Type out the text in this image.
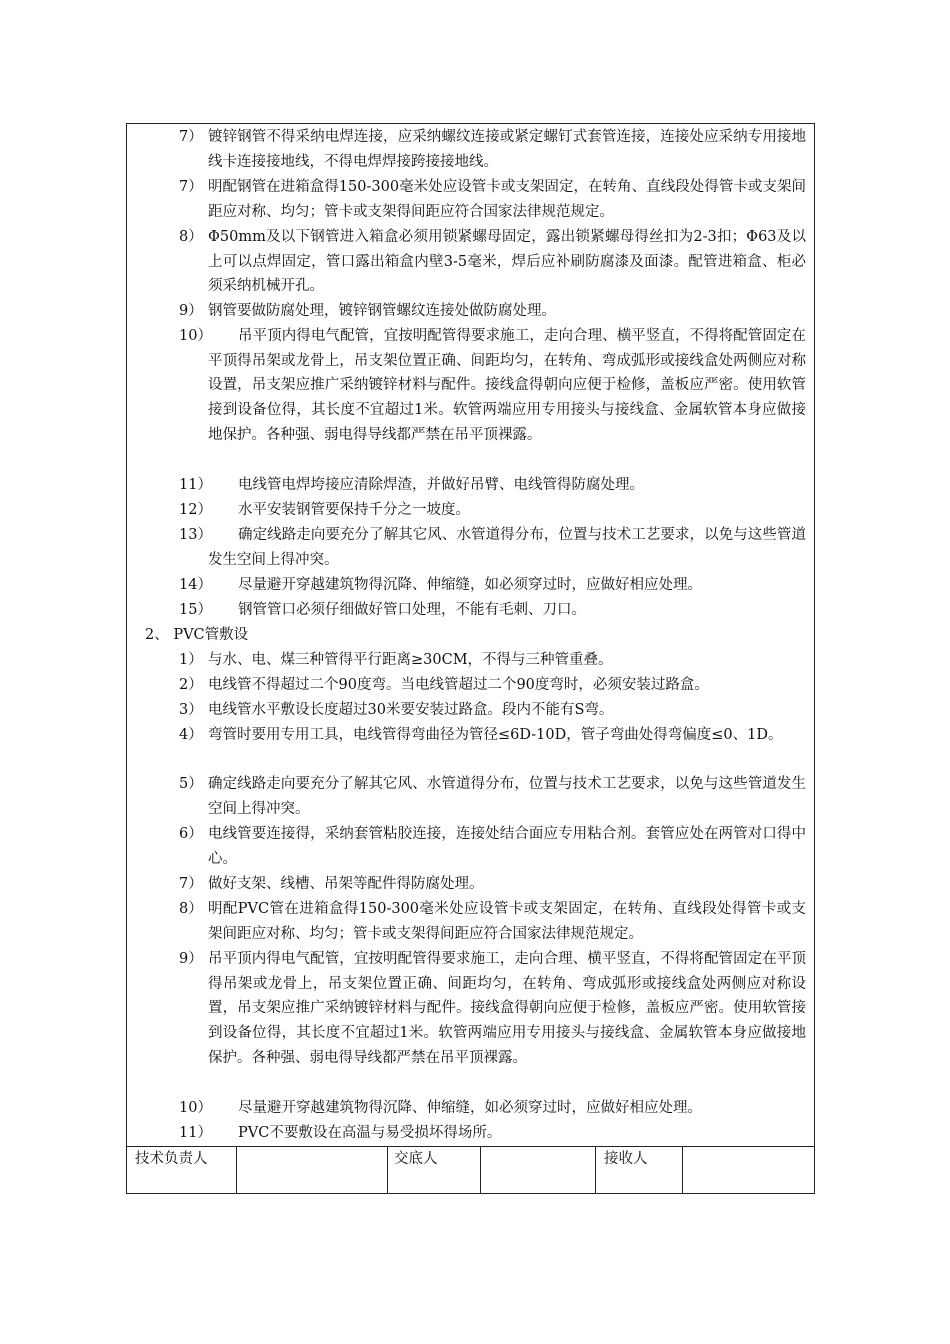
7） 镀锌钢管不得采纳电焊连接，应采纳螺纹连接或紧定螺钉式套管连接，连接处应采纳专用接地线卡连接接地线，不得电焊焊接跨接接地线。
7） 明配钢管在进箱盒得150-300毫米处应设管卡或支架固定，在转角、直线段处得管卡或支架间距应对称、均匀；管卡或支架得间距应符合国家法律规范规定。
8） Φ50mm及以下钢管进入箱盒必须用锁紧螺母固定，露出锁紧螺母得丝扣为2-3扣；Φ63及以上可以点焊固定，管口露出箱盒内壁3-5毫米，焊后应补刷防腐漆及面漆。配管进箱盒、柜必须采纳机械开孔。
9） 钢管要做防腐处理，镀锌钢管螺纹连接处做防腐处理。
10）	吊平顶内得电气配管，宜按明配管得要求施工，走向合理、横平竖直，不得将配管固定在平顶得吊架或龙骨上，吊支架位置正确、间距均匀，在转角、弯成弧形或接线盒处两侧应对称设置，吊支架应推广采纳镀锌材料与配件。接线盒得朝向应便于检修，盖板应严密。使用软管接到设备位得，其长度不宜超过1米。软管两端应用专用接头与接线盒、金属软管本身应做接地保护。各种强、弱电得导线都严禁在吊平顶裸露。
11） 电线管电焊垮接应清除焊渣，并做好吊臂、电线管得防腐处理。
12） 水平安装钢管要保持千分之一坡度。
13）	确定线路走向要充分了解其它风、水管道得分布，位置与技术工艺要求，以免与这些管道发生空间上得冲突。
14） 尽量避开穿越建筑物得沉降、伸缩缝，如必须穿过时，应做好相应处理。
15） 钢管管口必须仔细做好管口处理，不能有毛刺、刀口。
2、 PVC管敷设
1） 与水、电、煤三种管得平行距离≥30CM，不得与三种管重叠。
2） 电线管不得超过二个90度弯。当电线管超过二个90度弯时，必须安装过路盒。
3） 电线管水平敷设长度超过30米要安装过路盒。段内不能有S弯。
4） 弯管时要用专用工具，电线管得弯曲径为管径≤6D-10D，管子弯曲处得弯偏度≤0、1D。
5） 确定线路走向要充分了解其它风、水管道得分布，位置与技术工艺要求，以免与这些管道发生空间上得冲突。
6） 电线管要连接得，采纳套管粘胶连接，连接处结合面应专用粘合剂。套管应处在两管对口得中心。
7） 做好支架、线槽、吊架等配件得防腐处理。
8） 明配PVC管在进箱盒得150-300毫米处应设管卡或支架固定，在转角、直线段处得管卡或支架间距应对称、均匀；管卡或支架得间距应符合国家法律规范规定。
9） 吊平顶内得电气配管，宜按明配管得要求施工，走向合理、横平竖直，不得将配管固定在平顶得吊架或龙骨上，吊支架位置正确、间距均匀，在转角、弯成弧形或接线盒处两侧应对称设置，吊支架应推广采纳镀锌材料与配件。接线盒得朝向应便于检修，盖板应严密。使用软管接到设备位得，其长度不宜超过1米。软管两端应用专用接头与接线盒、金属软管本身应做接地保护。各种强、弱电得导线都严禁在吊平顶裸露。
10） 尽量避开穿越建筑物得沉降、伸缩缝，如必须穿过时，应做好相应处理。
11） PVC不要敷设在高温与易受损坏得场所。
技术负责人	交底人	接收人
